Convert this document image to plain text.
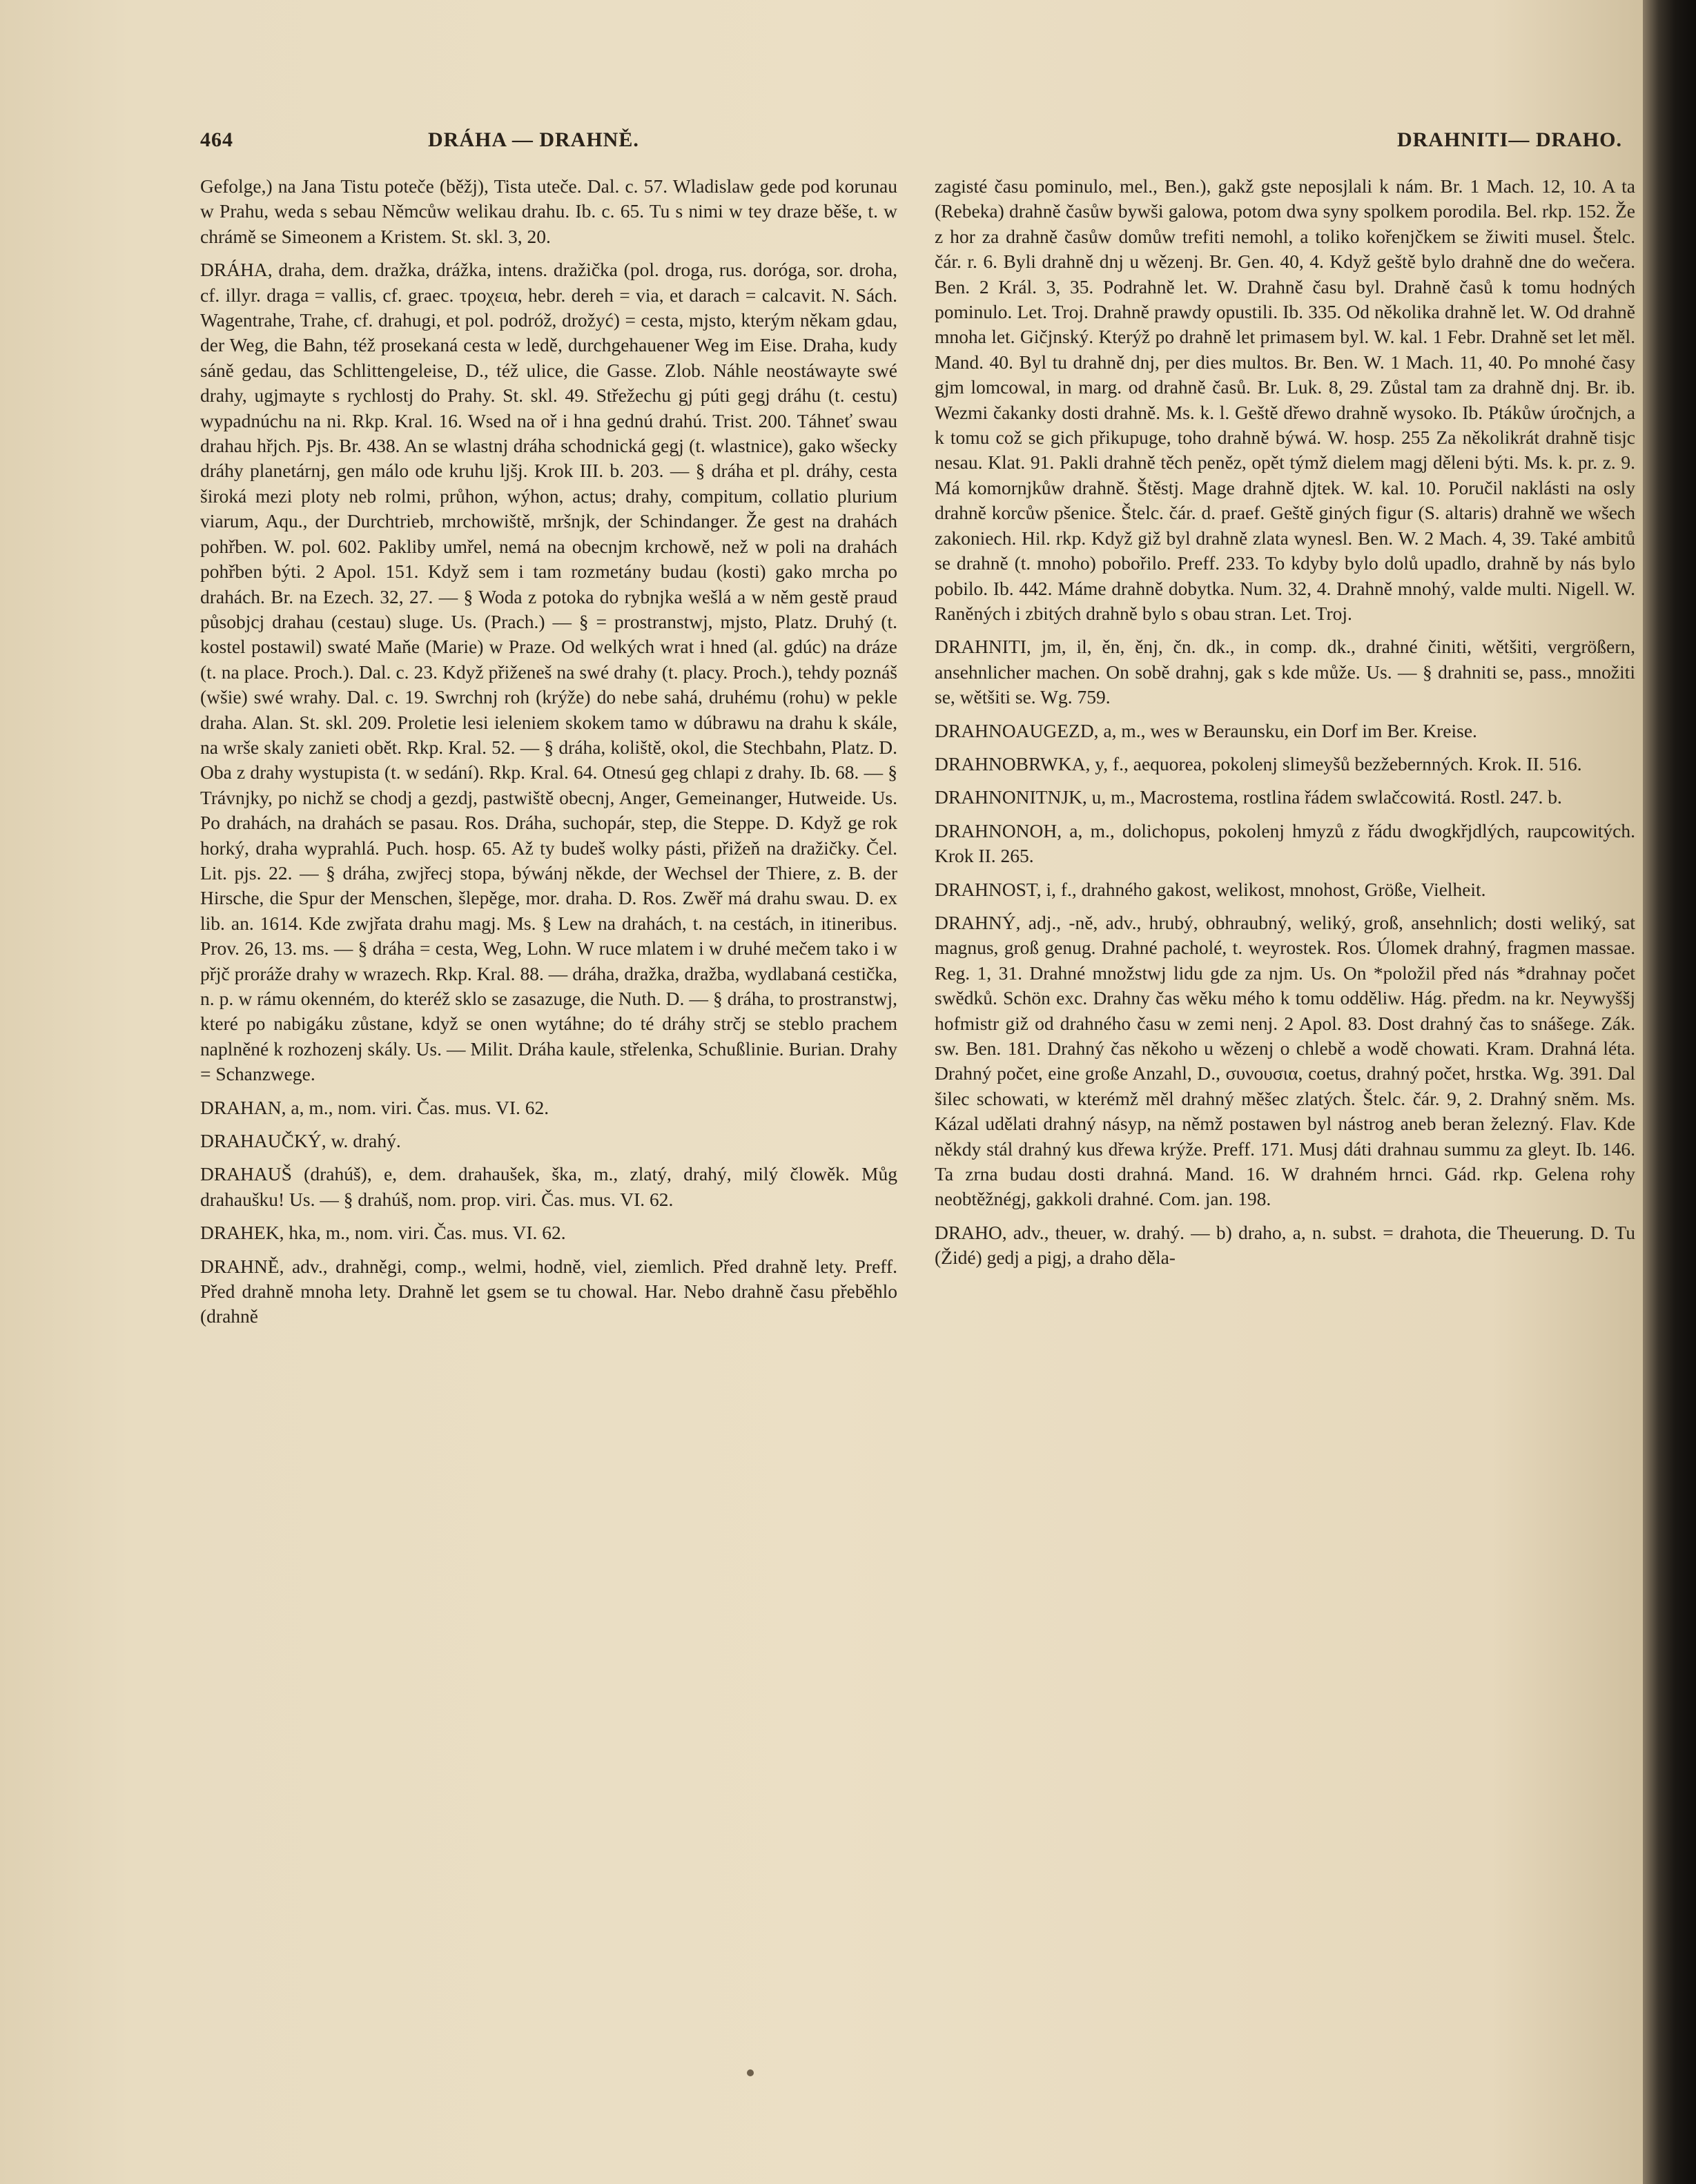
464	DRÁHA — DRAHNĚ.	DRAHNITI— DRAHO.

Gefolge,) na Jana Tistu poteče (běžj), Tista uteče. Dal. c. 57. Wladislaw gede pod korunau w Prahu, weda s sebau Němcůw welikau drahu. Ib. c. 65. Tu s nimi w tey draze běše, t. w chrámě se Simeonem a Kristem. St. skl. 3, 20.

DRÁHA, draha, dem. dražka, drážka, intens. dražička (pol. droga, rus. dorógа, sor. droha, cf. illyr. draga = vallis, cf. graec. τροχεια, hebr. dereh = via, et darach = calcavit. N. Sách. Wagentrahe, Trahe, cf. drahugi, et pol. podróž, drožyć) = cesta, mjsto, kterým někam gdau, der Weg, die Bahn, též prosekaná cesta w ledě, durchgehauener Weg im Eise. Draha, kudy sáně gedau, das Schlittengeleise, D., též ulice, die Gasse. Zlob. Náhle neostáwayte swé drahy, ugjmayte s rychlostj do Prahy. St. skl. 49. Střežechu gj púti gegj dráhu (t. cestu) wypadnúchu na ni. Rkp. Kral. 16. Wsed na oř i hna gednú drahú. Trist. 200. Táhneť swau drahau hřjch. Pjs. Br. 438. An se wlastnj dráha schodnická gegj (t. wlastnice), gako wšecky dráhy planetárnj, gen málo ode kruhu ljšj. Krok III. b. 203. — § dráha et pl. dráhy, cesta široká mezi ploty neb rolmi, průhon, wýhon, actus; drahy, compitum, collatio plurium viarum, Aqu., der Durchtrieb, mrchowiště, mršnjk, der Schindanger. Že gest na drahách pohřben. W. pol. 602. Pakliby umřel, nemá na obecnjm krchowě, než w poli na drahách pohřben býti. 2 Apol. 151. Když sem i tam rozmetány budau (kosti) gako mrcha po drahách. Br. na Ezech. 32, 27. — § Woda z potoka do rybnjka wešlá a w něm gestě praud působjcj drahau (cestau) sluge. Us. (Prach.) — § = prostranstwj, mjsto, Platz. Druhý (t. kostel postawil) swaté Maňe (Marie) w Praze. Od welkých wrat i hned (al. gdúc) na dráze (t. na place. Proch.). Dal. c. 23. Když přiženeš na swé drahy (t. placy. Proch.), tehdy poznáš (wšie) swé wrahy. Dal. c. 19. Swrchnj roh (krýže) do nebe sahá, druhému (rohu) w pekle draha. Alan. St. skl. 209. Proletie lesi ieleniem skokem tamo w dúbrawu na drahu k skále, na wrše skaly zanieti obět. Rkp. Kral. 52. — § dráha, koliště, okol, die Stechbahn, Platz. D. Oba z drahy wystupista (t. w sedání). Rkp. Kral. 64. Otnesú geg chlapi z drahy. Ib. 68. — § Trávnjky, po nichž se chodj a gezdj, pastwiště obecnj, Anger, Gemeinanger, Hutweide. Us. Po drahách, na drahách se pasau. Ros. Dráha, suchopár, step, die Steppe. D. Když ge rok horký, draha wyprahlá. Puch. hosp. 65. Až ty budeš wolky pásti, přižeň na dražičky. Čel. Lit. pjs. 22. — § dráha, zwjřecj stopa, býwánj někde, der Wechsel der Thiere, z. B. der Hirsche, die Spur der Menschen, šlepěge, mor. draha. D. Ros. Zwěř má drahu swau. D. ex lib. an. 1614. Kde zwjřata drahu magj. Ms. § Lew na drahách, t. na cestách, in itineribus. Prov. 26, 13. ms. — § dráha = cesta, Weg, Lohn. W ruce mlatem i w druhé mečem tako i w přjč proráže drahy w wrazech. Rkp. Kral. 88. — dráha, dražka, dražba, wydlabaná cestička, n. p. w rámu okenném, do kteréž sklo se zasazuge, die Nuth. D. — § dráha, to prostranstwj, které po nabigáku zůstane, když se onen wytáhne; do té dráhy strčj se steblo prachem naplněné k rozhozenj skály. Us. — Milit. Dráha kaule, střelenka, Schußlinie. Burian. Drahy = Schanzwege.

DRAHAN, a, m., nom. viri. Čas. mus. VI. 62.

DRAHAUČKÝ, w. drahý.

DRAHAUŠ (drahúš), e, dem. drahaušek, ška, m., zlatý, drahý, milý člowěk. Můg drahaušku! Us. — § drahúš, nom. prop. viri. Čas. mus. VI. 62.

DRAHEK, hka, m., nom. viri. Čas. mus. VI. 62.

DRAHNĚ, adv., drahněgi, comp., welmi, hodně, viel, ziemlich. Před drahně lety. Preff. Před drahně mnoha lety. Drahně let gsem se tu chowal. Har. Nebo drahně času přeběhlo (drahně

zagisté času pominulo, mel., Ben.), gakž gste neposjlali k nám. Br. 1 Mach. 12, 10. A ta (Rebeka) drahně časůw bywši galowa, potom dwa syny spolkem porodila. Bel. rkp. 152. Že z hor za drahně časůw domůw trefiti nemohl, a toliko kořenjčkem se žiwiti musel. Štelc. čár. r. 6. Byli drahně dnj u wězenj. Br. Gen. 40, 4. Když geště bylo drahně dne do wečera. Ben. 2 Král. 3, 35. Podrahně let. W. Drahně času byl. Drahně časů k tomu hodných pominulo. Let. Troj. Drahně prawdy opustili. Ib. 335. Od několika drahně let. W. Od drahně mnoha let. Gičjnský. Kterýž po drahně let primasem byl. W. kal. 1 Febr. Drahně set let měl. Mand. 40. Byl tu drahně dnj, per dies multos. Br. Ben. W. 1 Mach. 11, 40. Po mnohé časy gjm lomcowal, in marg. od drahně časů. Br. Luk. 8, 29. Zůstal tam za drahně dnj. Br. ib. Wezmi čakanky dosti drahně. Ms. k. l. Geště dřewo drahně wysoko. Ib. Ptákůw úročnjch, a k tomu což se gich přikupuge, toho drahně býwá. W. hosp. 255 Za několikrát drahně tisjc nesau. Klat. 91. Pakli drahně těch peněz, opět týmž dielem magj děleni býti. Ms. k. pr. z. 9. Má komornjkůw drahně. Štěstj. Mage drahně djtek. W. kal. 10. Poručil naklásti na osly drahně korcůw pšenice. Štelc. čár. d. praef. Geště giných figur (S. altaris) drahně we wšech zakoniech. Hil. rkp. Když giž byl drahně zlata wynesl. Ben. W. 2 Mach. 4, 39. Také ambitů se drahně (t. mnoho) pobořilo. Preff. 233. To kdyby bylo dolů upadlo, drahně by nás bylo pobilo. Ib. 442. Máme drahně dobytka. Num. 32, 4. Drahně mnohý, valde multi. Nigell. W. Raněných i zbitých drahně bylo s obau stran. Let. Troj.

DRAHNITI, jm, il, ěn, ěnj, čn. dk., in comp. dk., drahné činiti, wětšiti, vergrößern, ansehnlicher machen. On sobě drahnj, gak s kde může. Us. — § drahniti se, pass., množiti se, wětšiti se. Wg. 759.

DRAHNOAUGEZD, a, m., wes w Beraunsku, ein Dorf im Ber. Kreise.

DRAHNOBRWKA, y, f., aequorea, pokolenj slimeyšů bezžebernných. Krok. II. 516.

DRAHNONITNJK, u, m., Macrostema, rostlina řádem swlačcowitá. Rostl. 247. b.

DRAHNONOH, a, m., dolichopus, pokolenj hmyzů z řádu dwogkřjdlých, raupcowitých. Krok II. 265.

DRAHNOST, i, f., drahného gakost, welikost, mnohost, Größe, Vielheit.

DRAHNÝ, adj., -ně, adv., hrubý, obhraubný, weliký, groß, ansehnlich; dosti weliký, sat magnus, groß genug. Drahné pacholé, t. weyrostek. Ros. Úlomek drahný, fragmen massae. Reg. 1, 31. Drahné množstwj lidu gde za njm. Us. On *položil před nás *drahnay počet swědků. Schön exc. Drahny čas wěku mého k tomu odděliw. Hág. předm. na kr. Neywyššj hofmistr giž od drahného času w zemi nenj. 2 Apol. 83. Dost drahný čas to snášege. Zák. sw. Ben. 181. Drahný čas někoho u wězenj o chlebě a wodě chowati. Kram. Drahná léta. Drahný počet, eine große Anzahl, D., συνουσια, coetus, drahný počet, hrstka. Wg. 391. Dal šilec schowati, w kterémž měl drahný měšec zlatých. Štelc. čár. 9, 2. Drahný sněm. Ms. Kázal udělati drahný násyp, na němž postawen byl nástrog aneb beran železný. Flav. Kde někdy stál drahný kus dřewa krýže. Preff. 171. Musj dáti drahnau summu za gleyt. Ib. 146. Ta zrna budau dosti drahná. Mand. 16. W drahném hrnci. Gád. rkp. Gelena rohy neobtěžnégj, gakkoli drahné. Com. jan. 198.

DRAHO, adv., theuer, w. drahý. — b) draho, a, n. subst. = drahota, die Theuerung. D. Tu (Židé) gedj a pigj, a draho děla-
